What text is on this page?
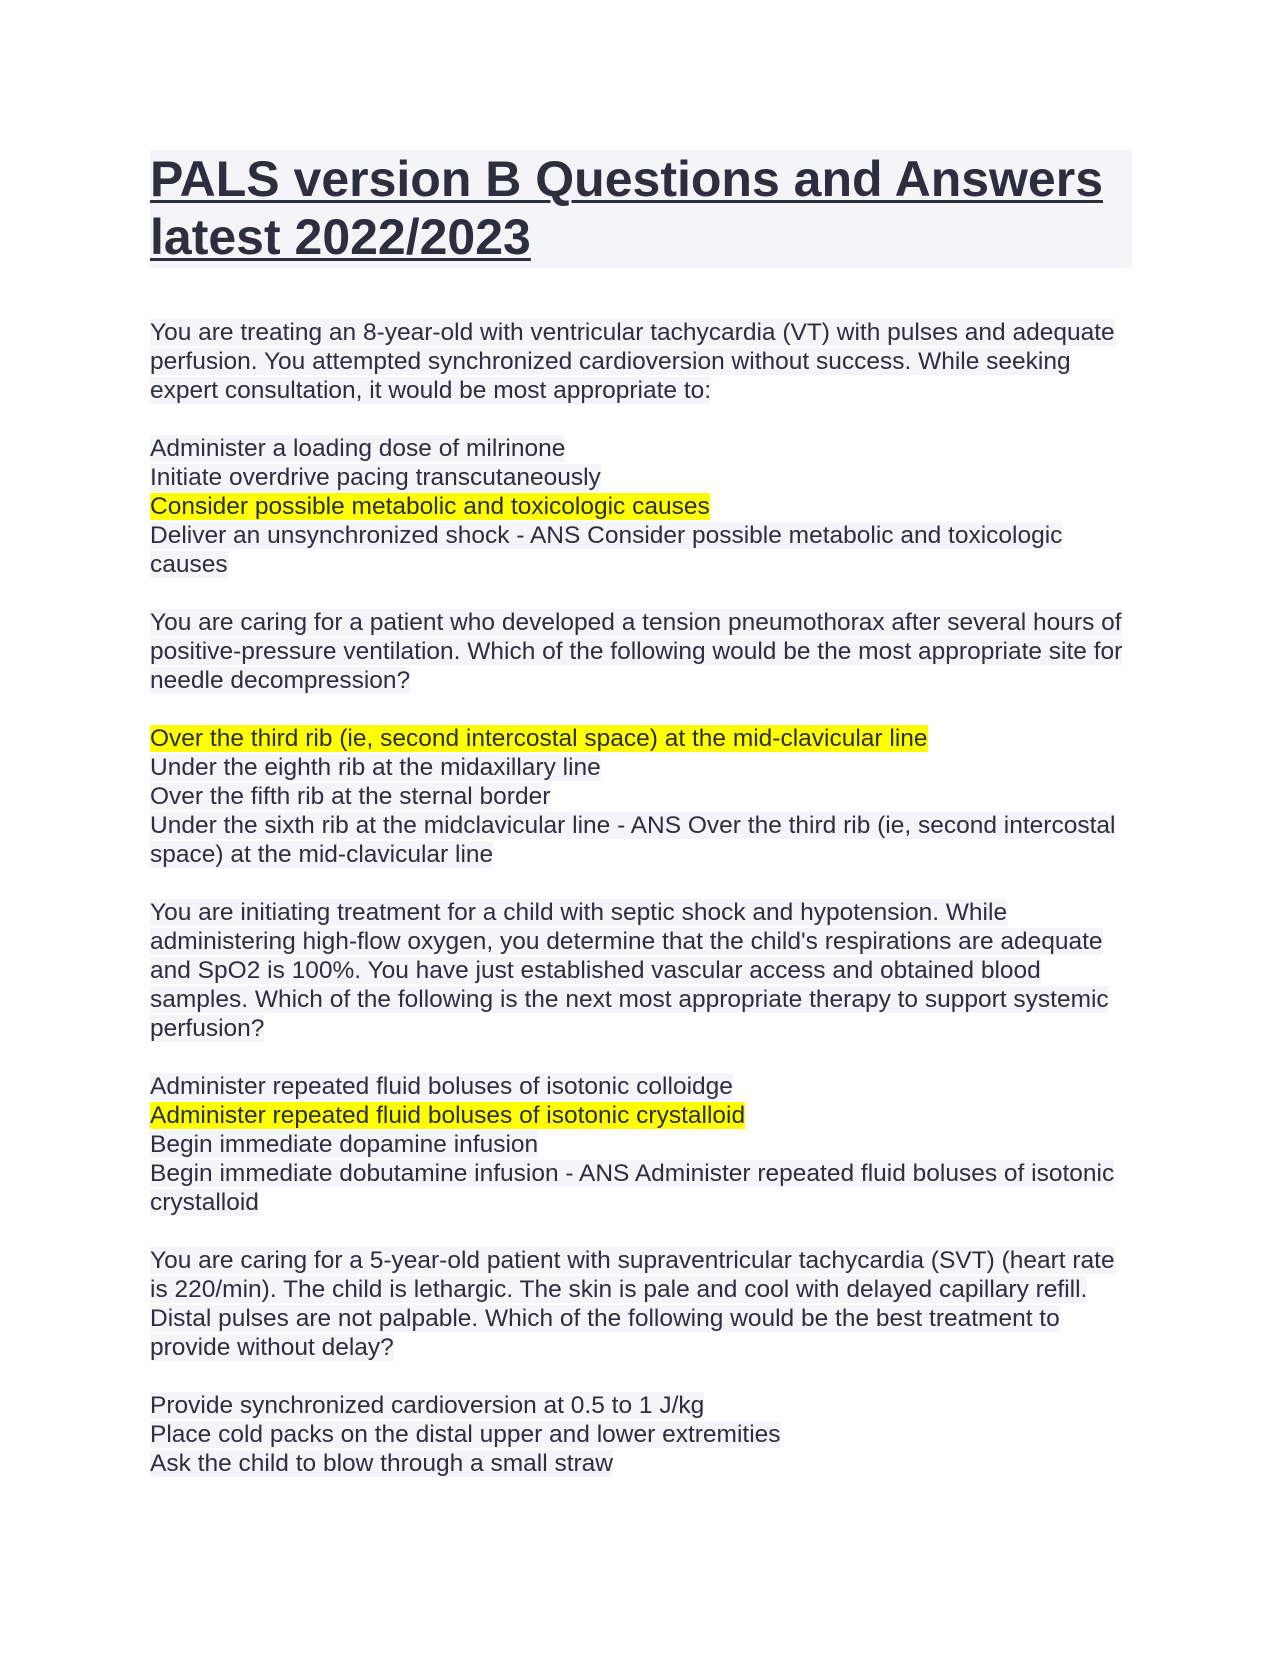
PALS version B Questions and Answers latest 2022/2023
You are treating an 8-year-old with ventricular tachycardia (VT) with pulses and adequate perfusion. You attempted synchronized cardioversion without success. While seeking expert consultation, it would be most appropriate to:
Administer a loading dose of milrinone
Initiate overdrive pacing transcutaneously
Consider possible metabolic and toxicologic causes
Deliver an unsynchronized shock - ANS Consider possible metabolic and toxicologic causes
You are caring for a patient who developed a tension pneumothorax after several hours of positive-pressure ventilation. Which of the following would be the most appropriate site for needle decompression?
Over the third rib (ie, second intercostal space) at the mid-clavicular line
Under the eighth rib at the midaxillary line
Over the fifth rib at the sternal border
Under the sixth rib at the midclavicular line - ANS Over the third rib (ie, second intercostal space) at the mid-clavicular line
You are initiating treatment for a child with septic shock and hypotension. While administering high-flow oxygen, you determine that the child's respirations are adequate and SpO2 is 100%. You have just established vascular access and obtained blood samples. Which of the following is the next most appropriate therapy to support systemic perfusion?
Administer repeated fluid boluses of isotonic colloidge
Administer repeated fluid boluses of isotonic crystalloid
Begin immediate dopamine infusion
Begin immediate dobutamine infusion - ANS Administer repeated fluid boluses of isotonic crystalloid
You are caring for a 5-year-old patient with supraventricular tachycardia (SVT) (heart rate is 220/min). The child is lethargic. The skin is pale and cool with delayed capillary refill. Distal pulses are not palpable. Which of the following would be the best treatment to provide without delay?
Provide synchronized cardioversion at 0.5 to 1 J/kg
Place cold packs on the distal upper and lower extremities
Ask the child to blow through a small straw
